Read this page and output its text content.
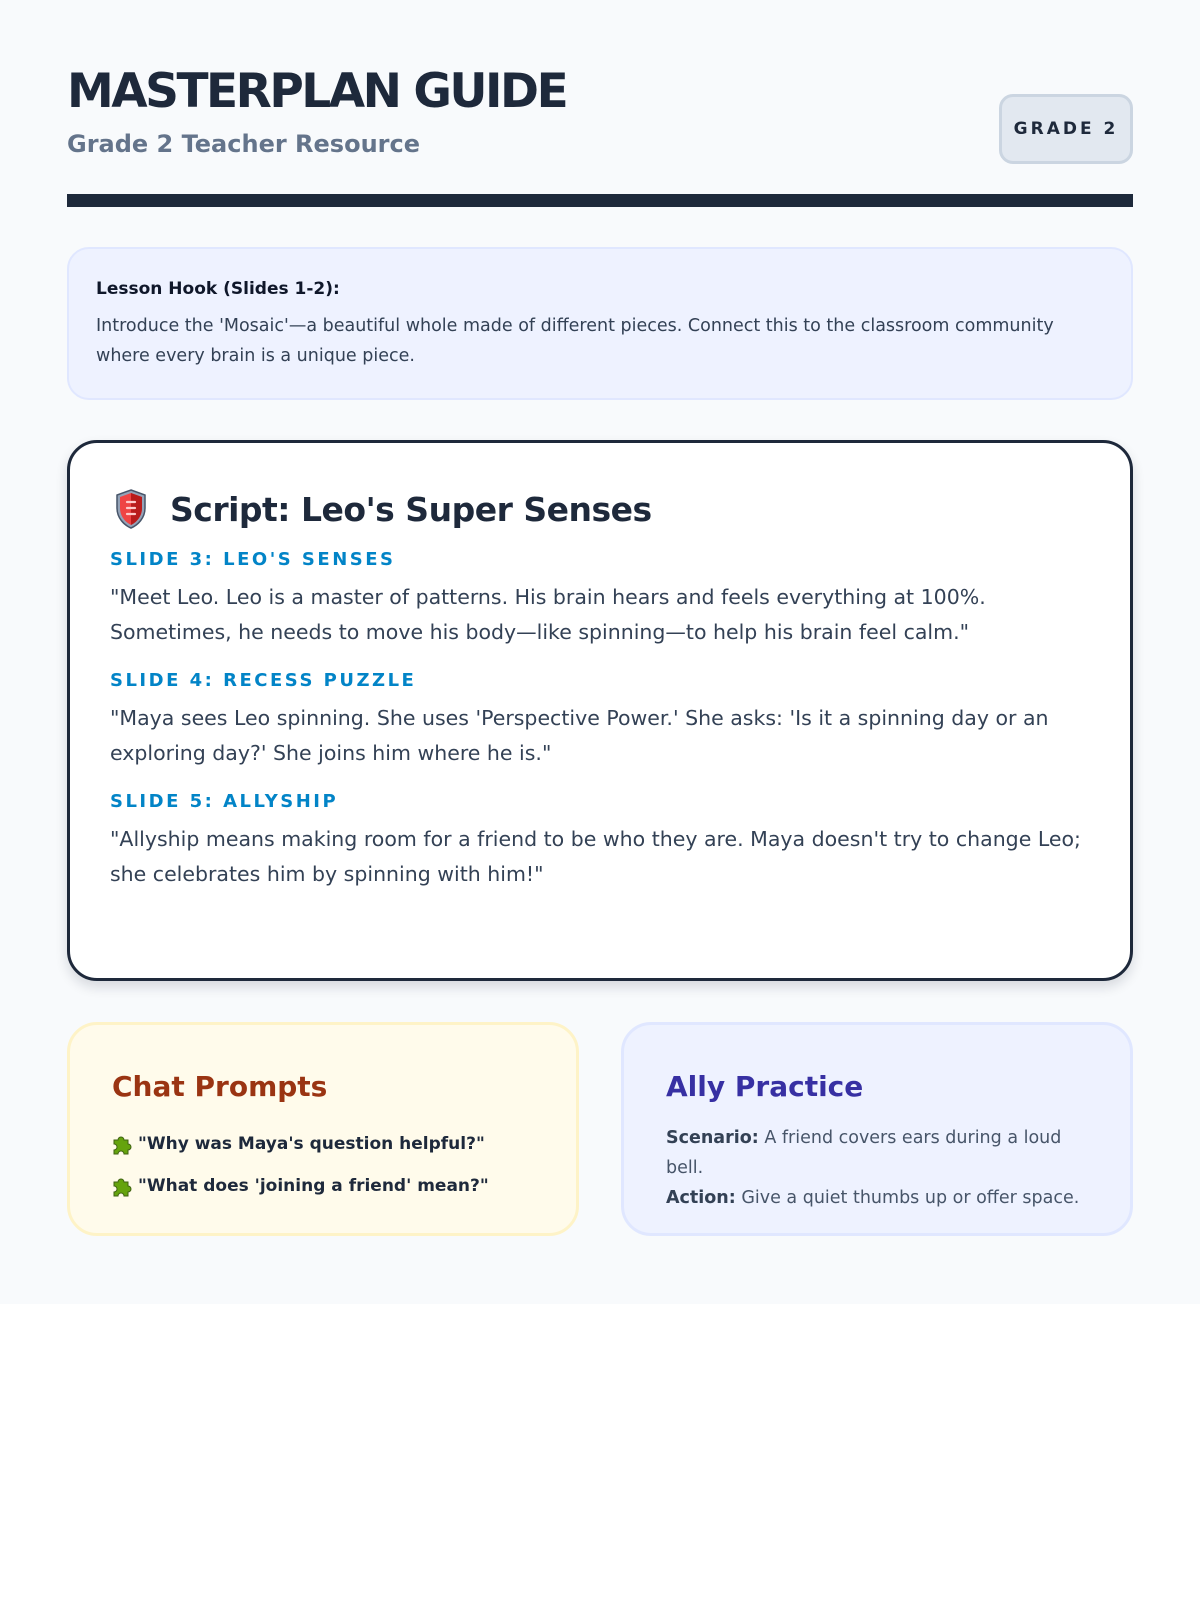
MASTERPLAN GUIDE
Grade 2 Teacher Resource
GRADE 2
Lesson Hook (Slides 1-2):
Introduce the 'Mosaic'—a beautiful whole made of different pieces. Connect this to the classroom community where every brain is a unique piece.
Script: Leo's Super Senses
SLIDE 3: LEO'S SENSES
"Meet Leo. Leo is a master of patterns. His brain hears and feels everything at 100%. Sometimes, he needs to move his body—like spinning—to help his brain feel calm."
SLIDE 4: RECESS PUZZLE
"Maya sees Leo spinning. She uses 'Perspective Power.' She asks: 'Is it a spinning day or an exploring day?' She joins him where he is."
SLIDE 5: ALLYSHIP
"Allyship means making room for a friend to be who they are. Maya doesn't try to change Leo; she celebrates him by spinning with him!"
Chat Prompts
"Why was Maya's question helpful?"
"What does 'joining a friend' mean?"
Ally Practice
Scenario: A friend covers ears during a loud bell.
Action: Give a quiet thumbs up or offer space.
